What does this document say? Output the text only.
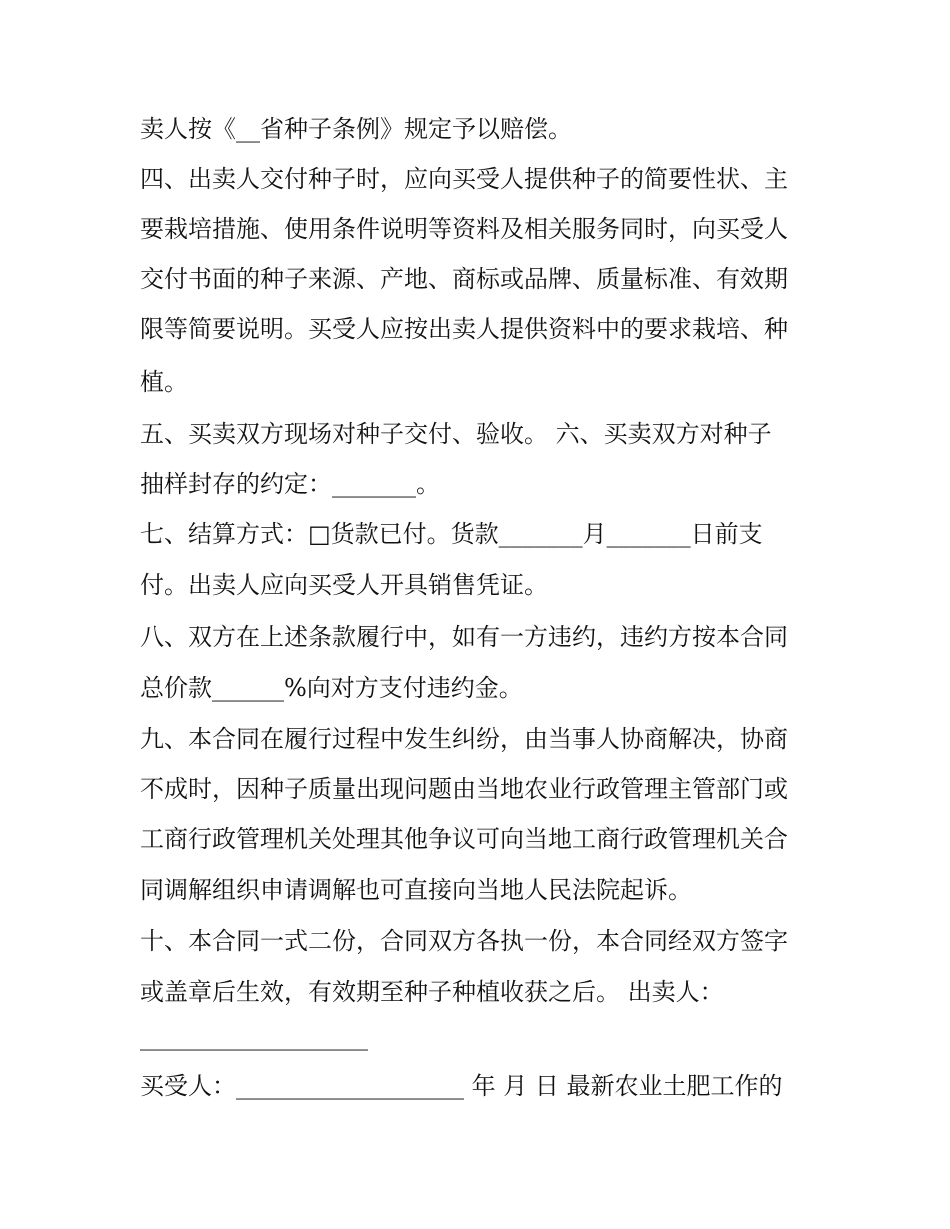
卖人按《__省种子条例》规定予以赔偿。
四、出卖人交付种子时，应向买受人提供种子的简要性状、主
要栽培措施、使用条件说明等资料及相关服务同时，向买受人
交付书面的种子来源、产地、商标或品牌、质量标准、有效期
限等简要说明。买受人应按出卖人提供资料中的要求栽培、种
植。
五、买卖双方现场对种子交付、验收。 六、买卖双方对种子
抽样封存的约定：_______。
七、结算方式：□货款已付。货款_______月_______日前支
付。出卖人应向买受人开具销售凭证。
八、双方在上述条款履行中，如有一方违约，违约方按本合同
总价款______%向对方支付违约金。
九、本合同在履行过程中发生纠纷，由当事人协商解决，协商
不成时，因种子质量出现问题由当地农业行政管理主管部门或
工商行政管理机关处理其他争议可向当地工商行政管理机关合
同调解组织申请调解也可直接向当地人民法院起诉。
十、本合同一式二份，合同双方各执一份，本合同经双方签字
或盖章后生效，有效期至种子种植收获之后。 出卖人：
___________________
买受人：___________________ 年 月 日 最新农业土肥工作的
